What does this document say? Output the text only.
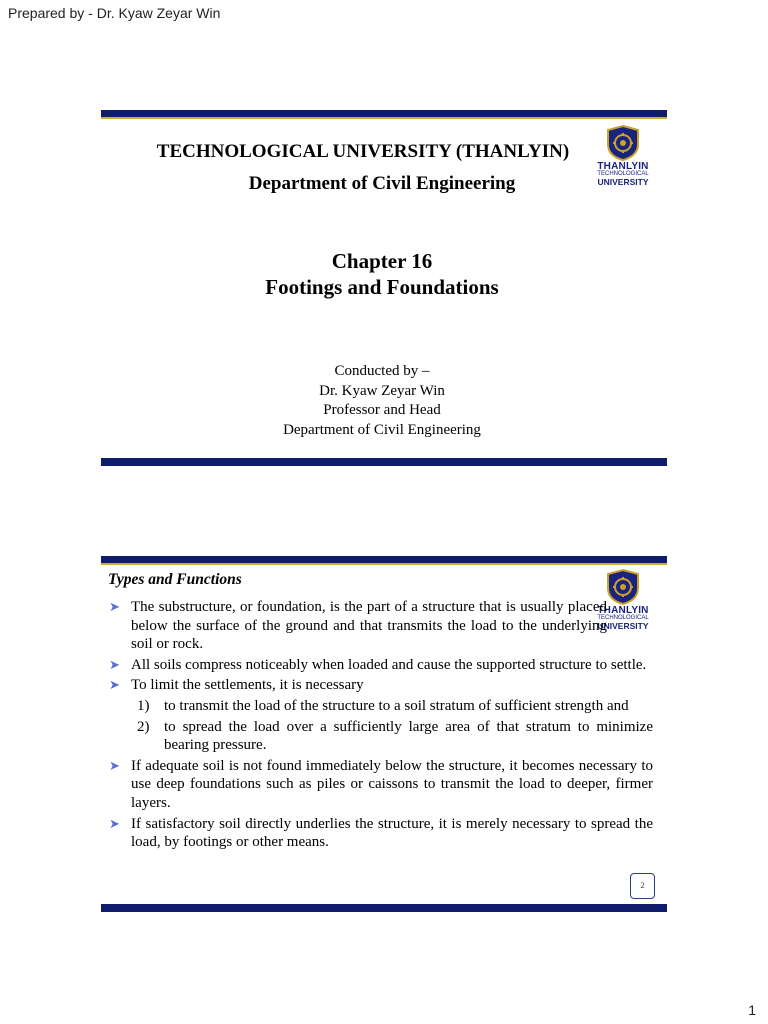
Prepared by - Dr. Kyaw Zeyar Win
THANLYIN
TECHNOLOGICAL
UNIVERSITY
TECHNOLOGICAL UNIVERSITY (THANLYIN)
Department of Civil Engineering
Chapter 16
Footings and Foundations
Conducted by –
Dr. Kyaw Zeyar Win
Professor and Head
Department of Civil Engineering
THANLYIN
TECHNOLOGICAL
UNIVERSITY
Types and Functions
➤ The substructure, or foundation, is the part of a structure that is usually placed below the surface of the ground and that transmits the load to the underlying soil or rock.
➤ All soils compress noticeably when loaded and cause the supported structure to settle.
➤ To limit the settlements, it is necessary
1) to transmit the load of the structure to a soil stratum of sufficient strength and
2) to spread the load over a sufficiently large area of that stratum to minimize bearing pressure.
➤ If adequate soil is not found immediately below the structure, it becomes necessary to use deep foundations such as piles or caissons to transmit the load to deeper, firmer layers.
➤ If satisfactory soil directly underlies the structure, it is merely necessary to spread the load, by footings or other means.
2
1
